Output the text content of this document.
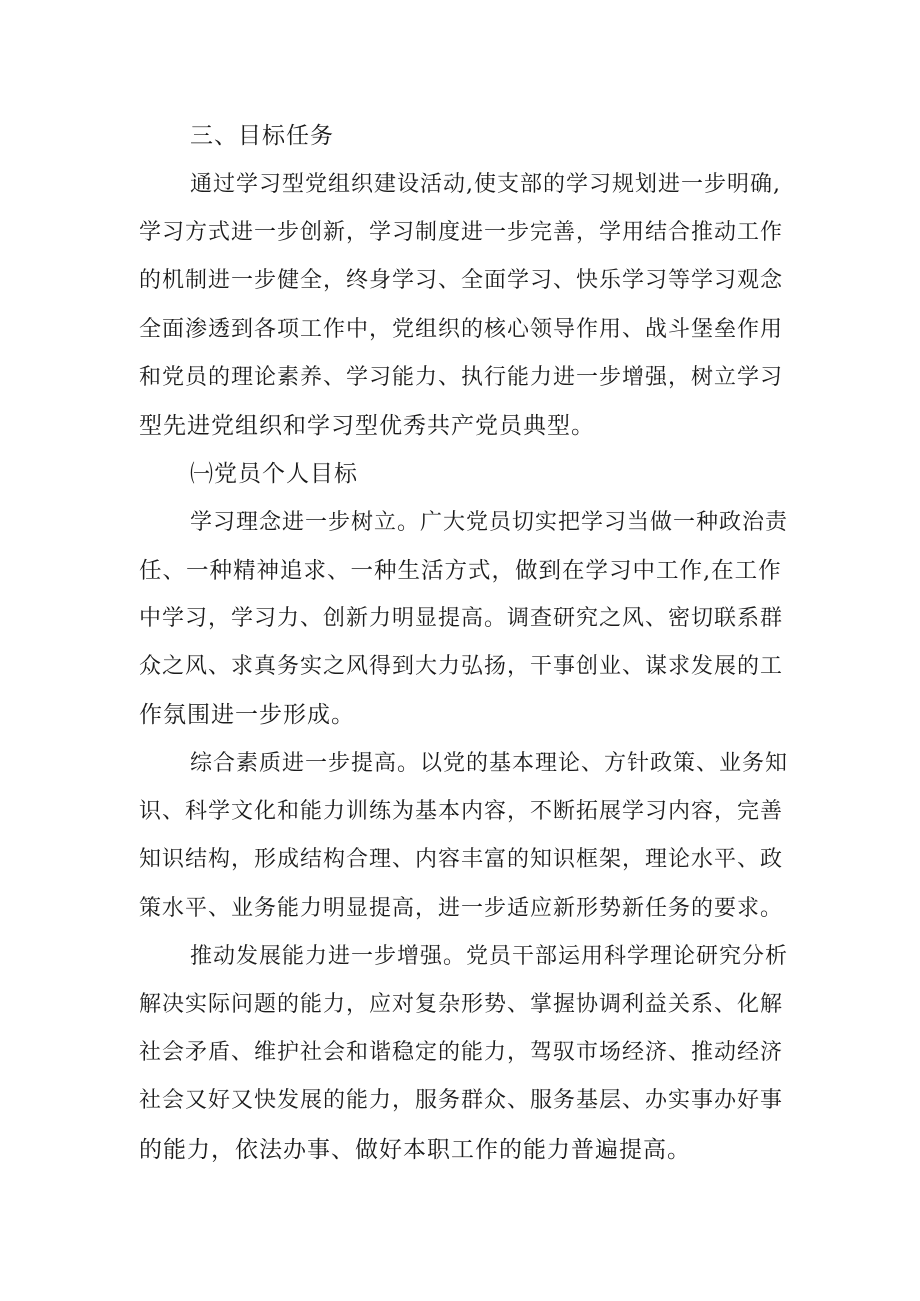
三、目标任务
通过学习型党组织建设活动,使支部的学习规划进一步明确,
学习方式进一步创新，学习制度进一步完善，学用结合推动工作
的机制进一步健全，终身学习、全面学习、快乐学习等学习观念
全面渗透到各项工作中，党组织的核心领导作用、战斗堡垒作用
和党员的理论素养、学习能力、执行能力进一步增强，树立学习
型先进党组织和学习型优秀共产党员典型。
㈠党员个人目标
学习理念进一步树立。广大党员切实把学习当做一种政治责
任、一种精神追求、一种生活方式，做到在学习中工作,在工作
中学习，学习力、创新力明显提高。调查研究之风、密切联系群
众之风、求真务实之风得到大力弘扬，干事创业、谋求发展的工
作氛围进一步形成。
综合素质进一步提高。以党的基本理论、方针政策、业务知
识、科学文化和能力训练为基本内容，不断拓展学习内容，完善
知识结构，形成结构合理、内容丰富的知识框架，理论水平、政
策水平、业务能力明显提高，进一步适应新形势新任务的要求。
推动发展能力进一步增强。党员干部运用科学理论研究分析
解决实际问题的能力，应对复杂形势、掌握协调利益关系、化解
社会矛盾、维护社会和谐稳定的能力，驾驭市场经济、推动经济
社会又好又快发展的能力，服务群众、服务基层、办实事办好事
的能力，依法办事、做好本职工作的能力普遍提高。
